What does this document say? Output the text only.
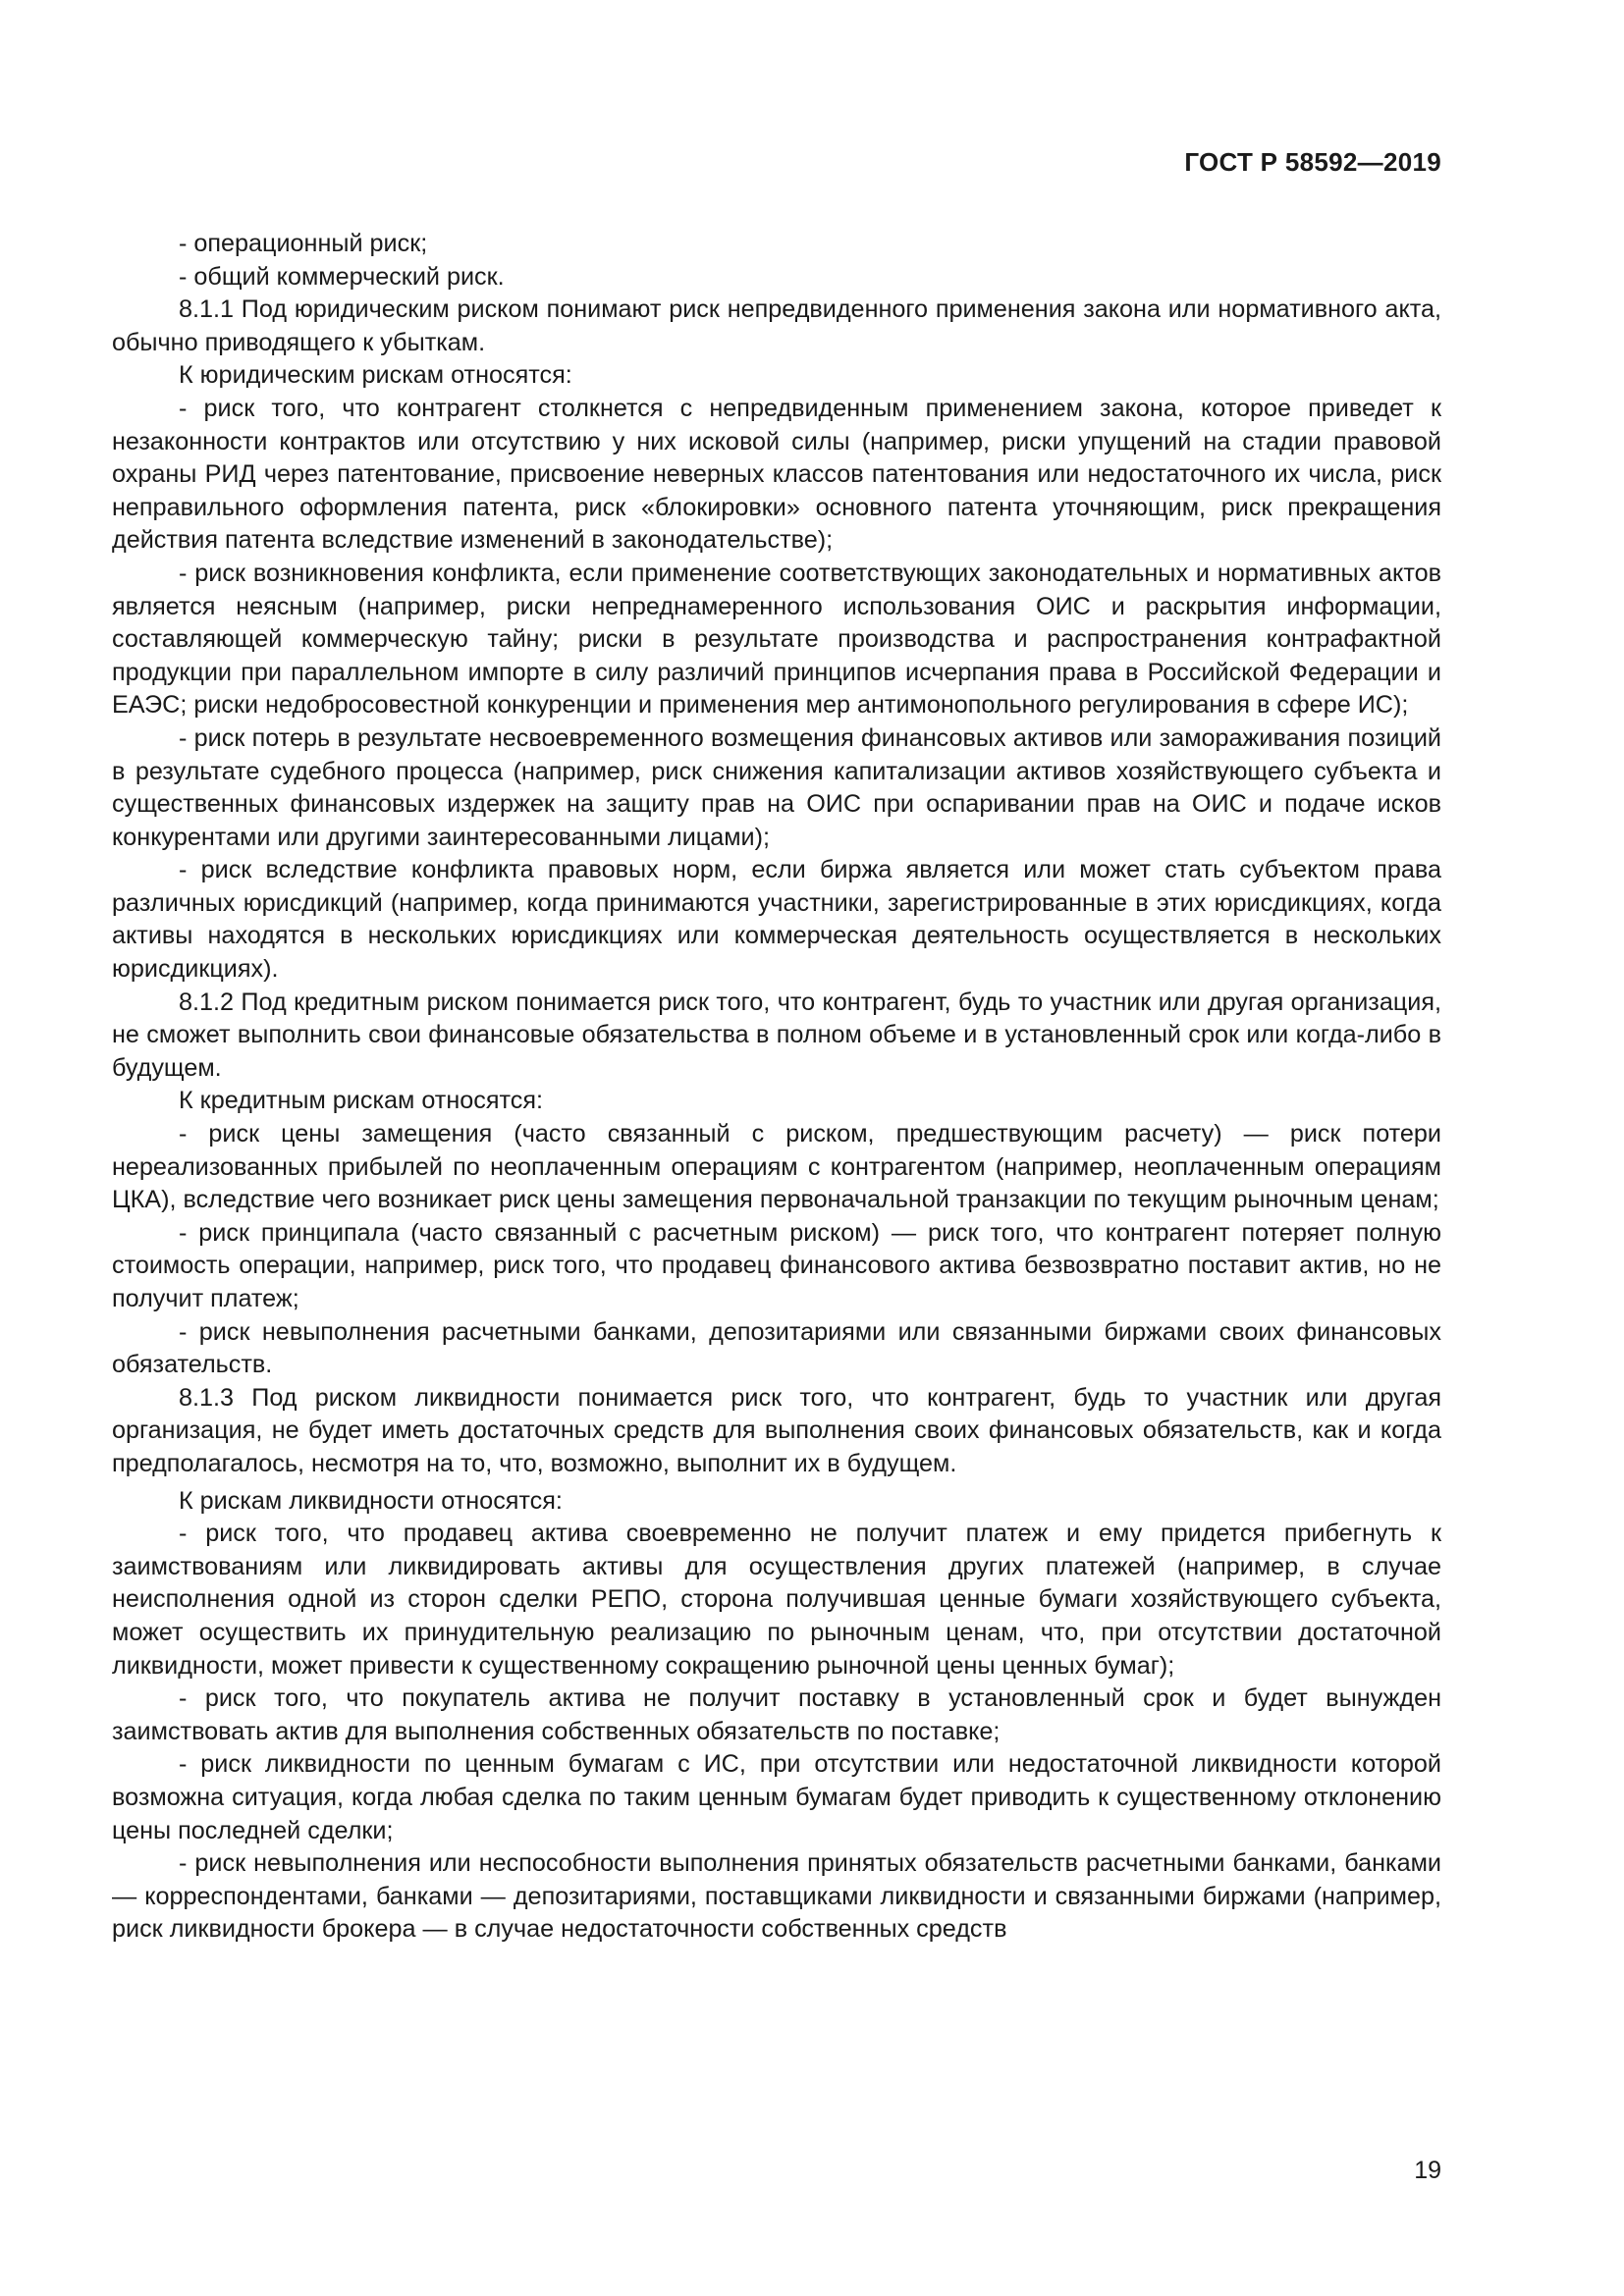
ГОСТ Р 58592—2019

- операционный риск;

- общий коммерческий риск.

8.1.1 Под юридическим риском понимают риск непредвиденного применения закона или нормативного акта, обычно приводящего к убыткам.

К юридическим рискам относятся:

- риск того, что контрагент столкнется с непредвиденным применением закона, которое приведет к незаконности контрактов или отсутствию у них исковой силы (например, риски упущений на стадии правовой охраны РИД через патентование, присвоение неверных классов патентования или недостаточного их числа, риск неправильного оформления патента, риск «блокировки» основного патента уточняющим, риск прекращения действия патента вследствие изменений в законодательстве);

- риск возникновения конфликта, если применение соответствующих законодательных и нормативных актов является неясным (например, риски непреднамеренного использования ОИС и раскрытия информации, составляющей коммерческую тайну; риски в результате производства и распространения контрафактной продукции при параллельном импорте в силу различий принципов исчерпания права в Российской Федерации и ЕАЭС; риски недобросовестной конкуренции и применения мер антимонопольного регулирования в сфере ИС);

- риск потерь в результате несвоевременного возмещения финансовых активов или замораживания позиций в результате судебного процесса (например, риск снижения капитализации активов хозяйствующего субъекта и существенных финансовых издержек на защиту прав на ОИС при оспаривании прав на ОИС и подаче исков конкурентами или другими заинтересованными лицами);

- риск вследствие конфликта правовых норм, если биржа является или может стать субъектом права различных юрисдикций (например, когда принимаются участники, зарегистрированные в этих юрисдикциях, когда активы находятся в нескольких юрисдикциях или коммерческая деятельность осуществляется в нескольких юрисдикциях).

8.1.2 Под кредитным риском понимается риск того, что контрагент, будь то участник или другая организация, не сможет выполнить свои финансовые обязательства в полном объеме и в установленный срок или когда-либо в будущем.

К кредитным рискам относятся:

- риск цены замещения (часто связанный с риском, предшествующим расчету) — риск потери нереализованных прибылей по неоплаченным операциям с контрагентом (например, неоплаченным операциям ЦКА), вследствие чего возникает риск цены замещения первоначальной транзакции по текущим рыночным ценам;

- риск принципала (часто связанный с расчетным риском) — риск того, что контрагент потеряет полную стоимость операции, например, риск того, что продавец финансового актива безвозвратно поставит актив, но не получит платеж;

- риск невыполнения расчетными банками, депозитариями или связанными биржами своих финансовых обязательств.

8.1.3 Под риском ликвидности понимается риск того, что контрагент, будь то участник или другая организация, не будет иметь достаточных средств для выполнения своих финансовых обязательств, как и когда предполагалось, несмотря на то, что, возможно, выполнит их в будущем.

К рискам ликвидности относятся:

- риск того, что продавец актива своевременно не получит платеж и ему придется прибегнуть к заимствованиям или ликвидировать активы для осуществления других платежей (например, в случае неисполнения одной из сторон сделки РЕПО, сторона получившая ценные бумаги хозяйствующего субъекта, может осуществить их принудительную реализацию по рыночным ценам, что, при отсутствии достаточной ликвидности, может привести к существенному сокращению рыночной цены ценных бумаг);

- риск того, что покупатель актива не получит поставку в установленный срок и будет вынужден заимствовать актив для выполнения собственных обязательств по поставке;

- риск ликвидности по ценным бумагам с ИС, при отсутствии или недостаточной ликвидности которой возможна ситуация, когда любая сделка по таким ценным бумагам будет приводить к существенному отклонению цены последней сделки;

- риск невыполнения или неспособности выполнения принятых обязательств расчетными банками, банками — корреспондентами, банками — депозитариями, поставщиками ликвидности и связанными биржами (например, риск ликвидности брокера — в случае недостаточности собственных средств

19
